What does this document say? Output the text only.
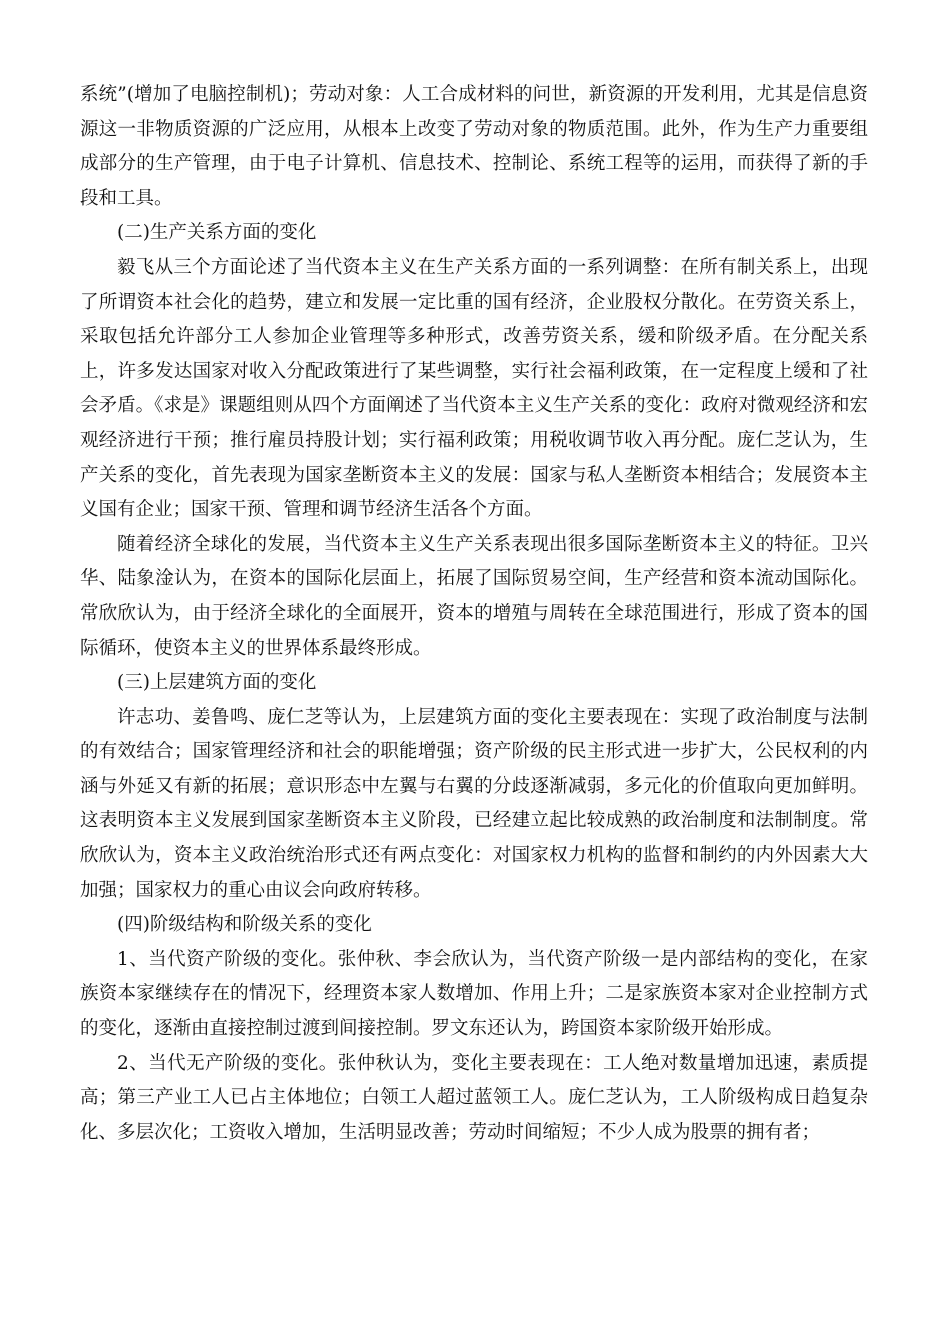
系统”(增加了电脑控制机)；劳动对象：人工合成材料的问世，新资源的开发利用，尤其是信息资源这一非物质资源的广泛应用，从根本上改变了劳动对象的物质范围。此外，作为生产力重要组成部分的生产管理，由于电子计算机、信息技术、控制论、系统工程等的运用，而获得了新的手段和工具。

(二)生产关系方面的变化

毅飞从三个方面论述了当代资本主义在生产关系方面的一系列调整：在所有制关系上，出现了所谓资本社会化的趋势，建立和发展一定比重的国有经济，企业股权分散化。在劳资关系上，采取包括允许部分工人参加企业管理等多种形式，改善劳资关系，缓和阶级矛盾。在分配关系上，许多发达国家对收入分配政策进行了某些调整，实行社会福利政策，在一定程度上缓和了社会矛盾。《求是》课题组则从四个方面阐述了当代资本主义生产关系的变化：政府对微观经济和宏观经济进行干预；推行雇员持股计划；实行福利政策；用税收调节收入再分配。庞仁芝认为，生产关系的变化，首先表现为国家垄断资本主义的发展：国家与私人垄断资本相结合；发展资本主义国有企业；国家干预、管理和调节经济生活各个方面。

随着经济全球化的发展，当代资本主义生产关系表现出很多国际垄断资本主义的特征。卫兴华、陆象淦认为，在资本的国际化层面上，拓展了国际贸易空间，生产经营和资本流动国际化。常欣欣认为，由于经济全球化的全面展开，资本的增殖与周转在全球范围进行，形成了资本的国际循环，使资本主义的世界体系最终形成。

(三)上层建筑方面的变化

许志功、姜鲁鸣、庞仁芝等认为，上层建筑方面的变化主要表现在：实现了政治制度与法制的有效结合；国家管理经济和社会的职能增强；资产阶级的民主形式进一步扩大，公民权利的内涵与外延又有新的拓展；意识形态中左翼与右翼的分歧逐渐减弱，多元化的价值取向更加鲜明。这表明资本主义发展到国家垄断资本主义阶段，已经建立起比较成熟的政治制度和法制制度。常欣欣认为，资本主义政治统治形式还有两点变化：对国家权力机构的监督和制约的内外因素大大加强；国家权力的重心由议会向政府转移。

(四)阶级结构和阶级关系的变化

1、当代资产阶级的变化。张仲秋、李会欣认为，当代资产阶级一是内部结构的变化，在家族资本家继续存在的情况下，经理资本家人数增加、作用上升；二是家族资本家对企业控制方式的变化，逐渐由直接控制过渡到间接控制。罗文东还认为，跨国资本家阶级开始形成。

2、当代无产阶级的变化。张仲秋认为，变化主要表现在：工人绝对数量增加迅速，素质提高；第三产业工人已占主体地位；白领工人超过蓝领工人。庞仁芝认为，工人阶级构成日趋复杂化、多层次化；工资收入增加，生活明显改善；劳动时间缩短；不少人成为股票的拥有者；
